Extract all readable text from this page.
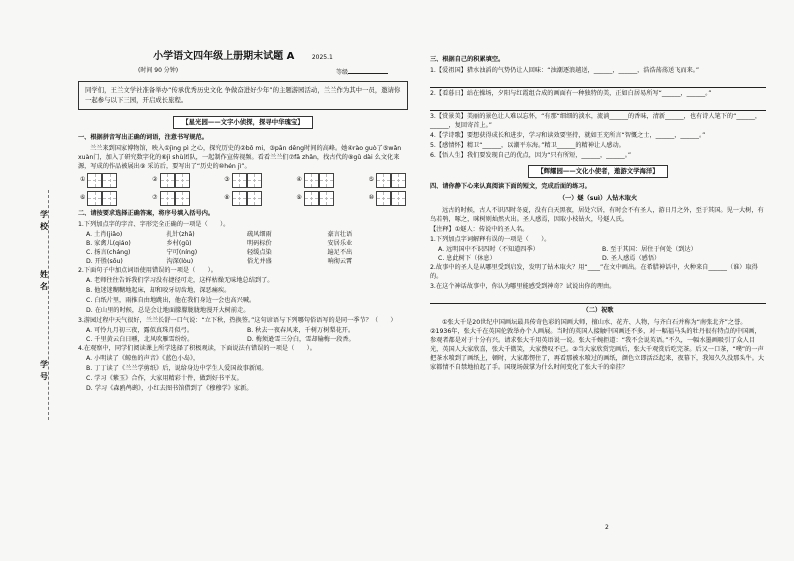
学
校
姓
名
学
号
小学语文四年级上册期末试题 A	2025.1
(时间 90 分钟)	等级
同学们，王兰文学社准备举办“传承优秀历史文化 争做奋进好少年”的主题游园活动，兰兰作为其中一员，邀请你一起参与以下三园，开启成长旅程。
【星光园——文字小侦探，探寻中华瑰宝】

一、根据拼音写出正确的词语，注意书写规范。

兰兰来到国家博物馆，映入①jìng pì 之心，探究历史的②bō mi，③pān dēng时间的高峰。她④rào guò了⑤wǎn xuàn门，加入了研究数字化的⑥jì shù团队，一起制作宣传视频。看看兰兰们⑦fā zhǎn，找古代的⑧gǔ dài 么文化来源，写成的作品被展出⑨ 采访后，要写出了“历史的⑩hén jì”。

①	②	③	④	⑤
⑥	⑦	⑧	⑨	⑩

二、请按要求选择正确答案，将序号填入括号内。

1.下列加点字的字音、字形完全正确的一项是（　　）。

A. 土肖(jiǎo)	扎针(zhā)	疏风细雨	豪言壮语
B. 家禽儿(qiáo)	乡村(gǔ)	明码标价	安居乐业
C. 扬言(cháng)	宁可(níng)	轻缓点染	遍足不出
D. 开胜(sōu)	沟深(lòu)	俗尤并盛	响彻云霄

2.下面句子中加点词语使用错误的一项是（　　）。

A. 老师往往告诉我们学习没有捷径可走，这样枯燥无味地总结到了。

B. 他迷迷糊糊地起床，却和咬牙切齿地，深恶痛疾。

C. 白纸片里，雨推自由地跳出，他在我们身边一会也高兴喊。

D. 在山里的时候，总是会让地面朦朦胧胧地漫开大树前走。

3.游园过程中天气很好，兰兰长舒一口气说：“立下秋，热换签。”这句谚语与下列哪句俗语写的是同一季节？（　　）

A. 可怜九月初三夜，露似真珠月似弓。	B. 秋去一夜春风来，千树万树梨花开。
C. 千里黄云白日曛，北风吹雁雪纷纷。	D. 梅须逊雪三分白，雪却输梅一段香。

4.在观察中，同学们阅读课上所学选择了积极观读，下面说法有错误的一项是（　　）。

A. 小明读了《鲸鱼的声音》《蓝色小岛》，

B. 丁丁读了《兰兰学剪纸》后，说给身边中学生人爱国故事新闻。

C. 学习《紫玉》合作，大家用精彩十件，做到好书平友。

D. 学习《森鸥鸬鹚》，小红去图书馆借到了《穆穆学》家新。

三、根据自己的积累填空。

1.【爱祖国】猎水浊滔的气势仍让人回味：“浊潮逐浪越送，______，______，浩浩荡荡送飞而来。”

2.【看暮日】站在操场，夕阳与红霞组合成的画面有一种独特的美，正如白居易所写“______，______。”

3.【赏景美】美丽的景色让人难以忘怀，“有那“细细的淡水，流淌______的香味，清新______，也有诗人笔下的“______，______，复回寄首上。”

4.【学诗歌】要想获得成长和进步，学习和读效要坚持，就如王充所言“智慨之士，______，______。”

5.【感情怀】精卫“______，以潮平东海。”精卫______的精神让人感动。

6.【悟人生】我们要发现自己的优点，因为“只有所短，______，______。”

【辉耀园——文化小使者，遨游文学海洋】

四、请你静下心来认真阅读下面的短文，完成后面的练习。

（一）燧（suì）人钻木取火

远古的时候，古人不识四时冬夏，没有白天黑夜，居处穴居，有时会不有圣人，游日月之外，至于其国。见一大树，有鸟若鸮，啄之，咪树则灿然火出。圣人感焉，因取小枝钻火，号燧人氏。

【注释】①燧人：传说中的圣人名。

1.下列加点字词解释有误的一项是（　　）。

A. 远明国中不识四时（不知道四季）	B. 至于其国：居住于何处（到达）
C. 息此树下（休息）	D. 圣人感焉（感悟）

2.故事中的圣人是从哪里受到启发，发明了钻木取火？用“____”在文中画出。在希腊神话中，火种来自______（谁）取得的。

3.在这个神话故事中，你认为哪里能感受到神奇？试说出你的理由。

（二）祝歌

①张大千是20世纪中国画坛最具传奇色彩的国画大师，擅山水、花卉、人物，与齐白石并称为“南张北齐”之誉。②1936年，张大千在英国伦敦举办个人画展。当时的英国人接触中国画还不多，对一幅福马头的牡丹很有特点的中国画，参观者都是对于十分有兴。请求张大千用英语说一说。张大千婉拒道：“我不会说英语。”不久，一幅水墨画吸引了众人目光，英国人大家欣喜，张大千微笑，大家赞叹不已。③当大家欣赏完画后，张大千观赏后吃完茶。后又一口茶，“噗”的一声把茶水喷到了画纸上，顿时，大家都愣住了，再看那被水喷过的画纸，颜色立即活泛起来，夜幕下，我知久久没那头牛。大家都情不自禁地拍起了手。国现场鼓掌为什么时间变化了张大千的牵挂？

2
